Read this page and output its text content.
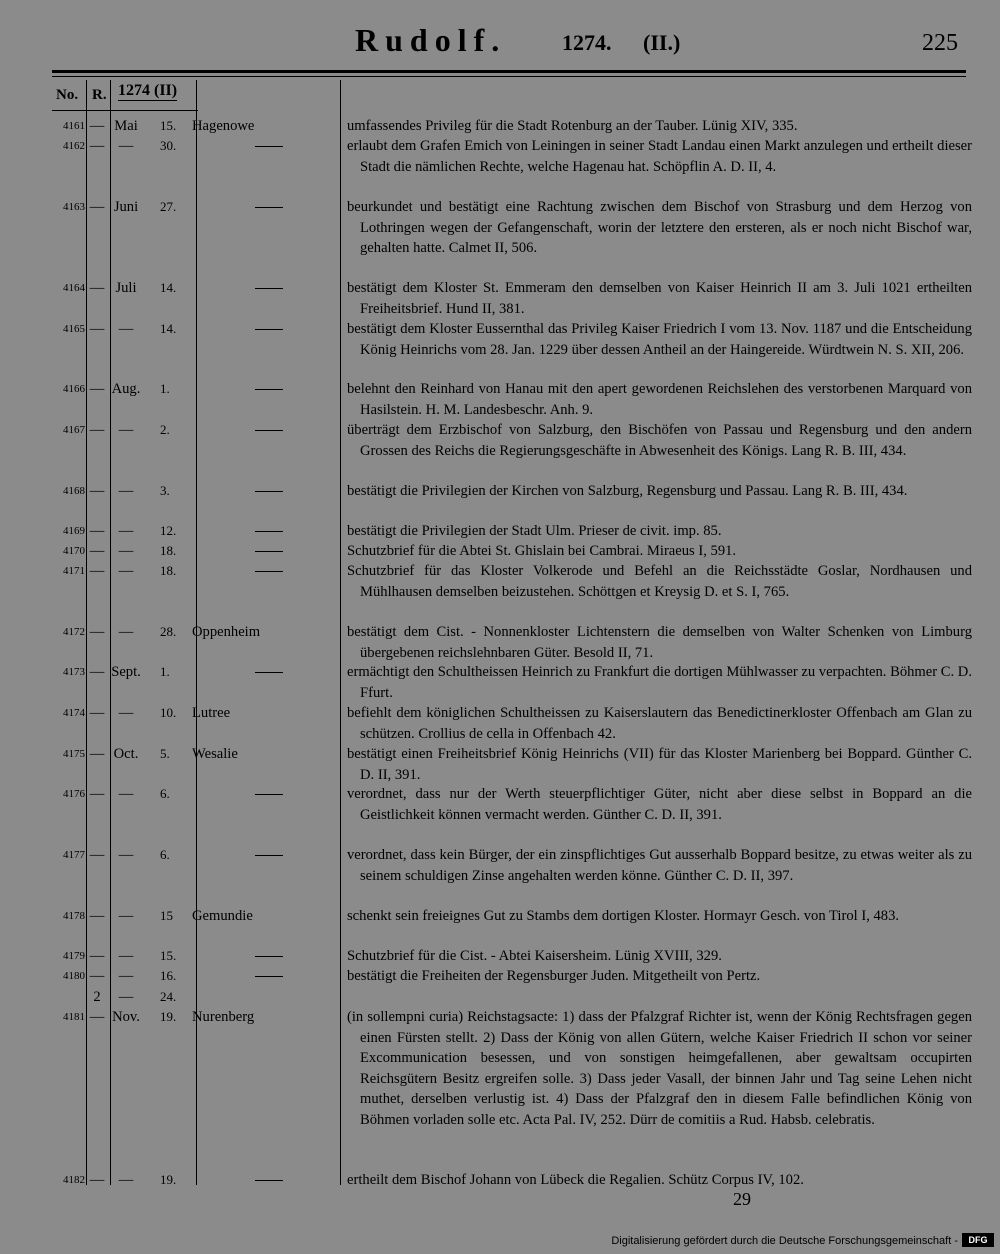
Rudolf.	1274. (II.)	225
No. R. 1274 (II)
4161 — Mai	15.	Hagenowe	umfassendes Privileg für die Stadt Rotenburg an der Tauber. Lünig XIV, 335.
4162 — —	30.	erlaubt dem Grafen Emich von Leiningen in seiner Stadt Landau einen Markt anzulegen und ertheilt dieser Stadt die nämlichen Rechte, welche Hagenau hat. Schöpflin A. D. II, 4.
4163 — Juni	27.	beurkundet und bestätigt eine Rachtung zwischen dem Bischof von Strasburg und dem Herzog von Lothringen wegen der Gefangenschaft, worin der letztere den ersteren, als er noch nicht Bischof war, gehalten hatte. Calmet II, 506.
4164 — Juli	14.	bestätigt dem Kloster St. Emmeram den demselben von Kaiser Heinrich II am 3. Juli 1021 ertheilten Freiheitsbrief. Hund II, 381.
4165 — —	14.	bestätigt dem Kloster Eussernthal das Privileg Kaiser Friedrich I vom 13. Nov. 1187 und die Entscheidung König Heinrichs vom 28. Jan. 1229 über dessen Antheil an der Haingereide. Würdtwein N. S. XII, 206.
4166 — Aug.	1.	belehnt den Reinhard von Hanau mit den apert gewordenen Reichslehen des verstorbenen Marquard von Hasilstein. H. M. Landesbeschr. Anh. 9.
4167 — —	2.	überträgt dem Erzbischof von Salzburg, den Bischöfen von Passau und Regensburg und den andern Grossen des Reichs die Regierungsgeschäfte in Abwesenheit des Königs. Lang R. B. III, 434.
4168 — —	3.	bestätigt die Privilegien der Kirchen von Salzburg, Regensburg und Passau. Lang R. B. III, 434.
4169 — —	12.	bestätigt die Privilegien der Stadt Ulm. Prieser de civit. imp. 85.
4170 — —	18.	Schutzbrief für die Abtei St. Ghislain bei Cambrai. Miraeus I, 591.
4171 — —	18.	Schutzbrief für das Kloster Volkerode und Befehl an die Reichsstädte Goslar, Nordhausen und Mühlhausen demselben beizustehen. Schöttgen et Kreysig D. et S. I, 765.
4172 — —	28.	Oppenheim	bestätigt dem Cist. - Nonnenkloster Lichtenstern die demselben von Walter Schenken von Limburg übergebenen reichslehnbaren Güter. Besold II, 71.
4173 — Sept.	1.	ermächtigt den Schultheissen Heinrich zu Frankfurt die dortigen Mühlwasser zu verpachten. Böhmer C. D. Ffurt.
4174 — —	10.	Lutree	befiehlt dem königlichen Schultheissen zu Kaiserslautern das Benedictinerkloster Offenbach am Glan zu schützen. Crollius de cella in Offenbach 42.
4175 — Oct.	5.	Wesalie	bestätigt einen Freiheitsbrief König Heinrichs (VII) für das Kloster Marienberg bei Boppard. Günther C. D. II, 391.
4176 — —	6.	verordnet, dass nur der Werth steuerpflichtiger Güter, nicht aber diese selbst in Boppard an die Geistlichkeit können vermacht werden. Günther C. D. II, 391.
4177 — —	6.	verordnet, dass kein Bürger, der ein zinspflichtiges Gut ausserhalb Boppard besitze, zu etwas weiter als zu seinem schuldigen Zinse angehalten werden könne. Günther C. D. II, 397.
4178 — —	15	Gemundie	schenkt sein freieignes Gut zu Stambs dem dortigen Kloster. Hormayr Gesch. von Tirol I, 483.
4179 — —	15.	Schutzbrief für die Cist. - Abtei Kaisersheim. Lünig XVIII, 329.
4180 — —	16.	bestätigt die Freiheiten der Regensburger Juden. Mitgetheilt von Pertz.
2	—	24.
4181 — Nov.	19.	Nurenberg	(in sollempni curia) Reichstagsacte: 1) dass der Pfalzgraf Richter ist, wenn der König Rechtsfragen gegen einen Fürsten stellt. 2) Dass der König von allen Gütern, welche Kaiser Friedrich II schon vor seiner Excommunication besessen, und von sonstigen heimgefallenen, aber gewaltsam occupirten Reichsgütern Besitz ergreifen solle. 3) Dass jeder Vasall, der binnen Jahr und Tag seine Lehen nicht muthet, derselben verlustig ist. 4) Dass der Pfalzgraf den in diesem Falle befindlichen König von Böhmen vorladen solle etc. Acta Pal. IV, 252. Dürr de comitiis a Rud. Habsb. celebratis.
4182 — —	19.	ertheilt dem Bischof Johann von Lübeck die Regalien. Schütz Corpus IV, 102.
29
Digitalisierung gefördert durch die Deutsche Forschungsgemeinschaft -	DFG
